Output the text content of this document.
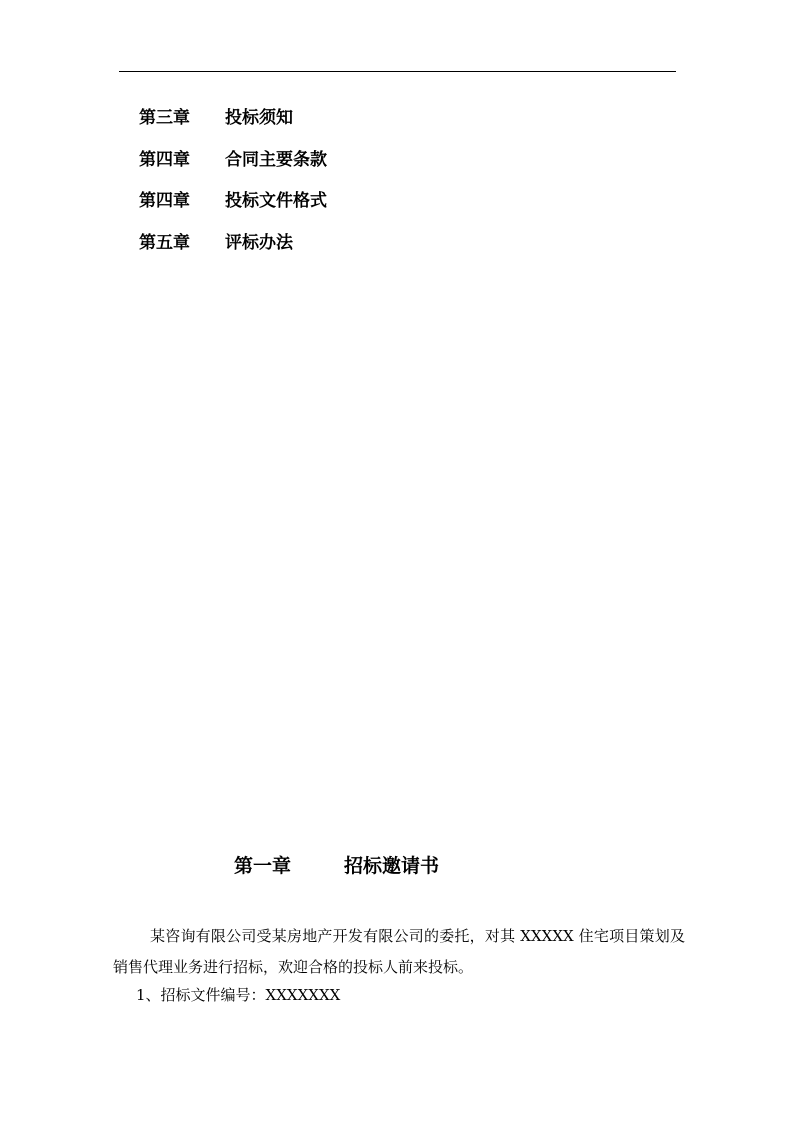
第三章 投标须知
第四章 合同主要条款
第四章 投标文件格式
第五章 评标办法
第一章	招标邀请书

某咨询有限公司受某房地产开发有限公司的委托，对其 XXXXX 住宅项目策划及销售代理业务进行招标，欢迎合格的投标人前来投标。

1、招标文件编号：XXXXXXX
